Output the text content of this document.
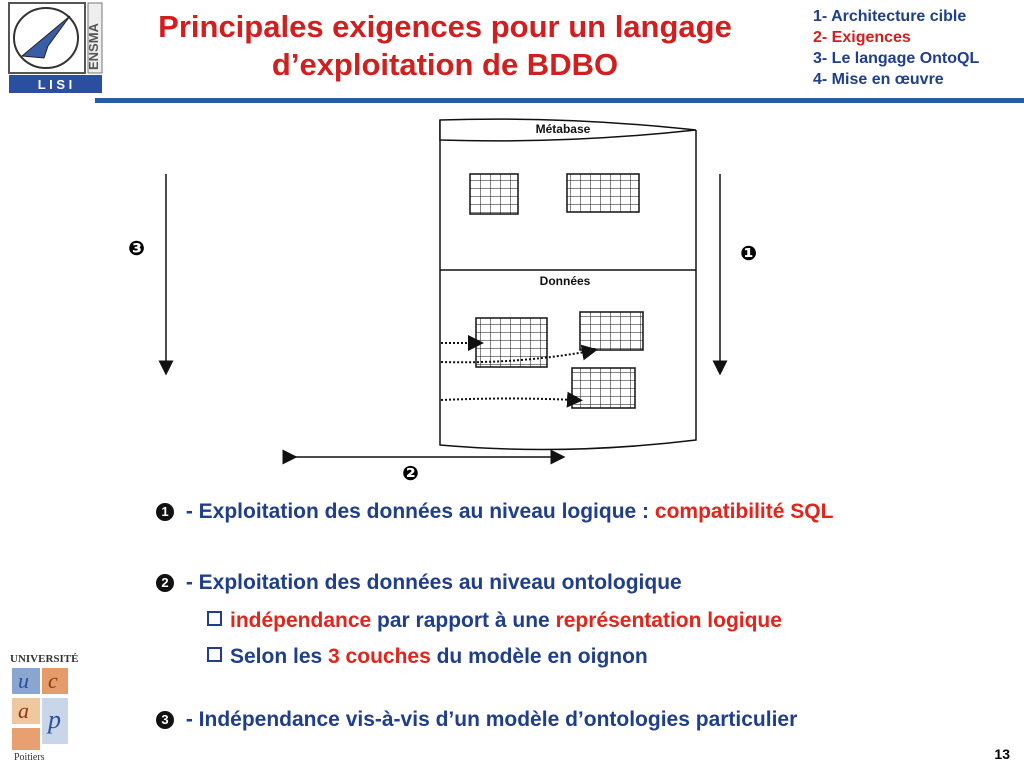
ENSMA
L I S I
Principales exigences pour un langage
d’exploitation de BDBO
1- Architecture cible
2- Exigences
3- Le langage OntoQL
4- Mise en œuvre
Métabase
Données
❸	❶
❷
1 - Exploitation des données au niveau logique : compatibilité SQL
2 - Exploitation des données au niveau ontologique
indépendance par rapport à une représentation logique
Selon les 3 couches du modèle en oignon
3 - Indépendance vis-à-vis d’un modèle d’ontologies particulier
UNIVERSITÉ
u c
a p
Poitiers	13
